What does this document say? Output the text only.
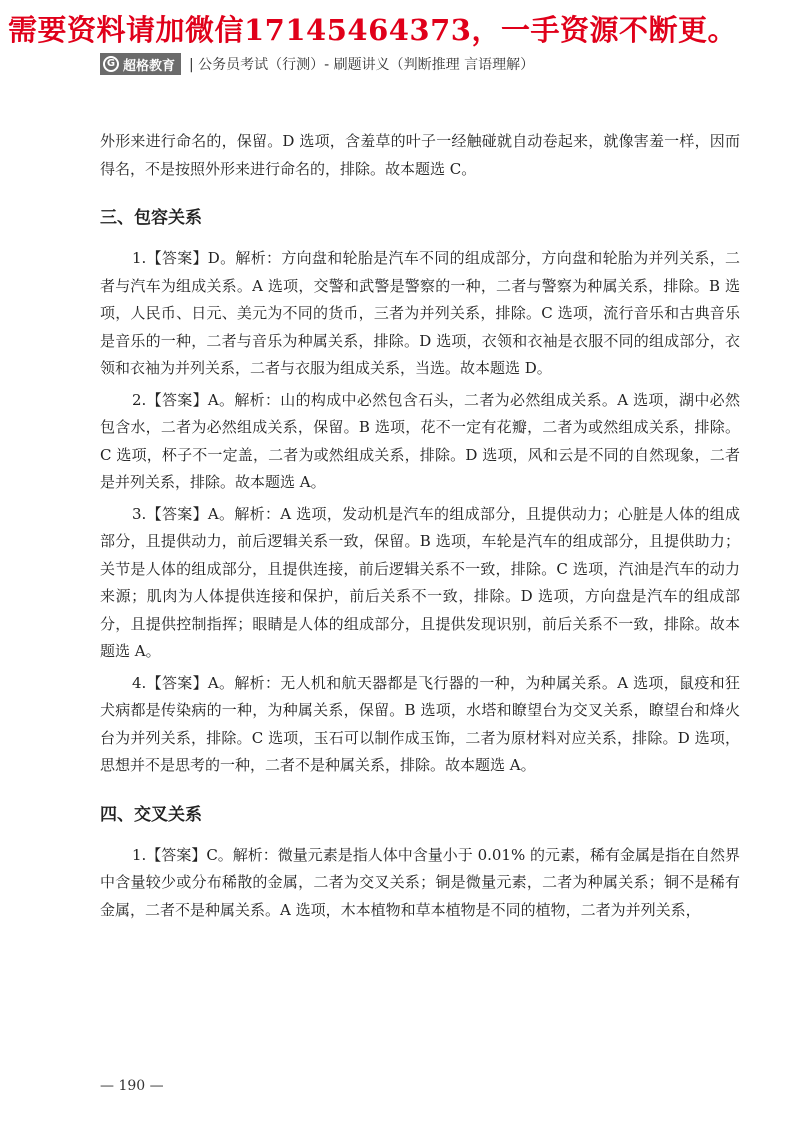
需要资料请加微信17145464373，一手资源不断更。
G 超格教育 | 公务员考试（行测）- 刷题讲义（判断推理 言语理解）

外形来进行命名的，保留。D 选项，含羞草的叶子一经触碰就自动卷起来，就像害羞一样，因而得名，不是按照外形来进行命名的，排除。故本题选 C。

三、包容关系

1.【答案】D。解析：方向盘和轮胎是汽车不同的组成部分，方向盘和轮胎为并列关系，二者与汽车为组成关系。A 选项，交警和武警是警察的一种，二者与警察为种属关系，排除。B 选项，人民币、日元、美元为不同的货币，三者为并列关系，排除。C 选项，流行音乐和古典音乐是音乐的一种，二者与音乐为种属关系，排除。D 选项，衣领和衣袖是衣服不同的组成部分，衣领和衣袖为并列关系，二者与衣服为组成关系，当选。故本题选 D。

2.【答案】A。解析：山的构成中必然包含石头，二者为必然组成关系。A 选项，湖中必然包含水，二者为必然组成关系，保留。B 选项，花不一定有花瓣，二者为或然组成关系，排除。C 选项，杯子不一定盖，二者为或然组成关系，排除。D 选项，风和云是不同的自然现象，二者是并列关系，排除。故本题选 A。

3.【答案】A。解析：A 选项，发动机是汽车的组成部分，且提供动力；心脏是人体的组成部分，且提供动力，前后逻辑关系一致，保留。B 选项，车轮是汽车的组成部分，且提供助力；关节是人体的组成部分，且提供连接，前后逻辑关系不一致，排除。C 选项，汽油是汽车的动力来源；肌肉为人体提供连接和保护，前后关系不一致，排除。D 选项，方向盘是汽车的组成部分，且提供控制指挥；眼睛是人体的组成部分，且提供发现识别，前后关系不一致，排除。故本题选 A。

4.【答案】A。解析：无人机和航天器都是飞行器的一种，为种属关系。A 选项，鼠疫和狂犬病都是传染病的一种，为种属关系，保留。B 选项，水塔和瞭望台为交叉关系，瞭望台和烽火台为并列关系，排除。C 选项，玉石可以制作成玉饰，二者为原材料对应关系，排除。D 选项，思想并不是思考的一种，二者不是种属关系，排除。故本题选 A。

四、交叉关系

1.【答案】C。解析：微量元素是指人体中含量小于 0.01% 的元素，稀有金属是指在自然界中含量较少或分布稀散的金属，二者为交叉关系；铜是微量元素，二者为种属关系；铜不是稀有金属，二者不是种属关系。A 选项，木本植物和草本植物是不同的植物，二者为并列关系，

— 190 —
